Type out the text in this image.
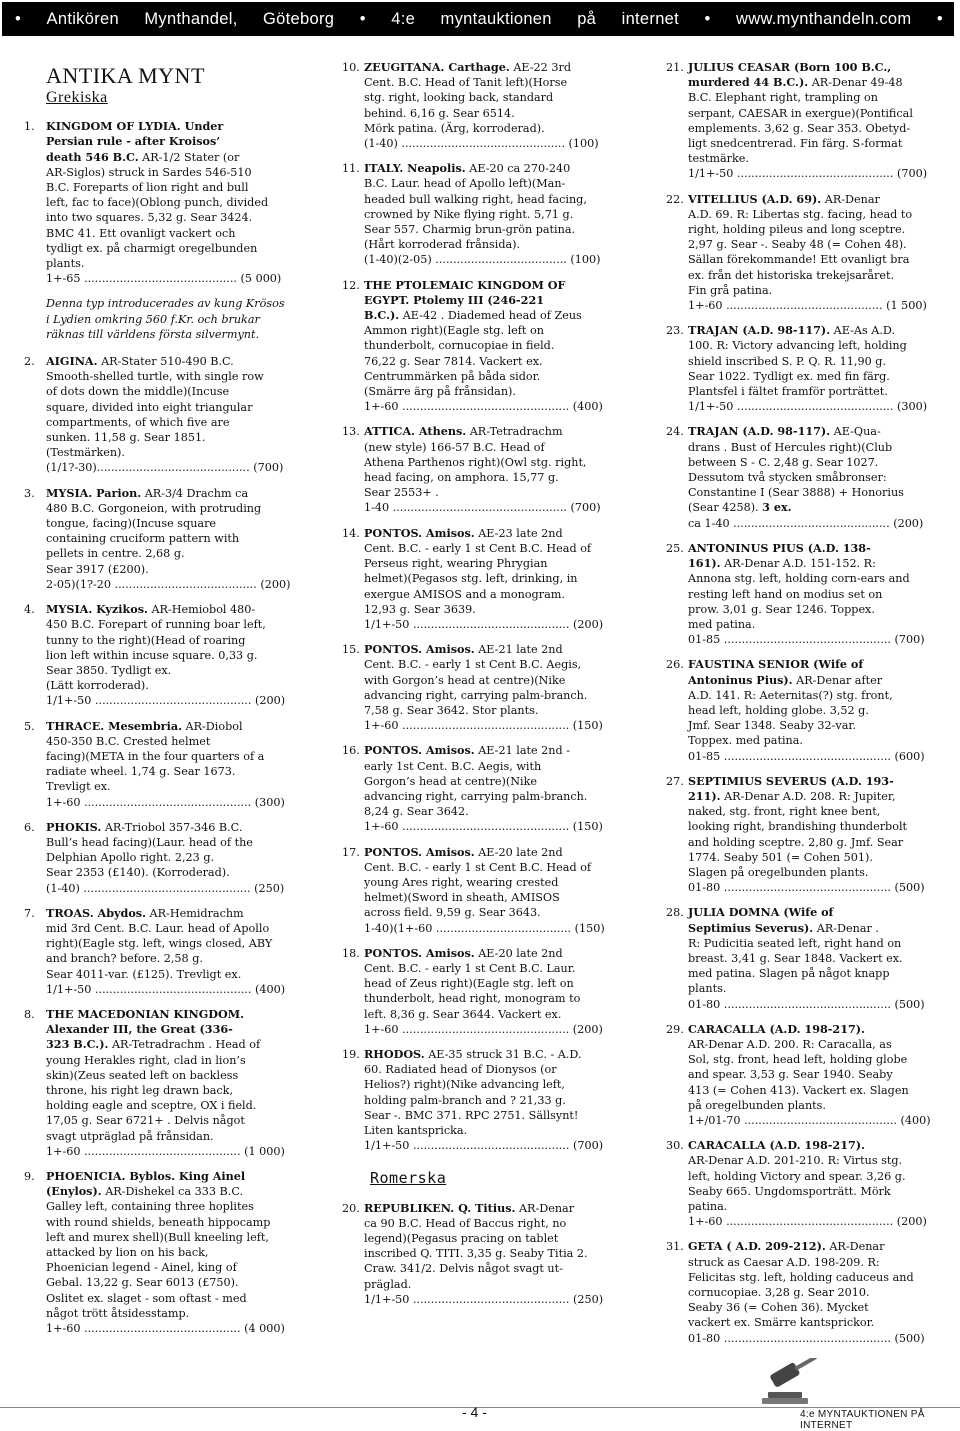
• Antikören Mynthandel, Göteborg • 4:e myntauktionen på internet • www.mynthandeln.com •
ANTIKA MYNT
Grekiska
1.	KINGDOM OF LYDIA. Under
Persian rule - after Kroisos’
death 546 B.C. AR-1/2 Stater (or
AR-Siglos) struck in Sardes 546-510
B.C. Foreparts of lion right and bull
left, fac to face)(Oblong punch, divided
into two squares. 5,32 g. Sear 3424.
BMC 41. Ett ovanligt vackert och
tydligt ex. på charmigt oregelbunden
plants.
1+-65 ........................................... (5 000)
Denna typ introducerades av kung Krösos
i Lydien omkring 560 f.Kr. och brukar
räknas till världens första silvermynt.
2.	AIGINA. AR-Stater 510-490 B.C.
Smooth-shelled turtle, with single row
of dots down the middle)(Incuse
square, divided into eight triangular
compartments, of which five are
sunken. 11,58 g. Sear 1851.
(Testmärken).
(1/1?-30)........................................... (700)
3.	MYSIA. Parion. AR-3/4 Drachm ca
480 B.C. Gorgoneion, with protruding
tongue, facing)(Incuse square
containing cruciform pattern with
pellets in centre. 2,68 g.
Sear 3917 (£200).
2-05)(1?-20 ........................................ (200)
4.	MYSIA. Kyzikos. AR-Hemiobol 480-
450 B.C. Forepart of running boar left,
tunny to the right)(Head of roaring
lion left within incuse square. 0,33 g.
Sear 3850. Tydligt ex.
(Lätt korroderad).
1/1+-50 ............................................ (200)
5.	THRACE. Mesembria. AR-Diobol
450-350 B.C. Crested helmet
facing)(META in the four quarters of a
radiate wheel. 1,74 g. Sear 1673.
Trevligt ex.
1+-60 ............................................... (300)
6.	PHOKIS. AR-Triobol 357-346 B.C.
Bull’s head facing)(Laur. head of the
Delphian Apollo right. 2,23 g.
Sear 2353 (£140). (Korroderad).
(1-40) ............................................... (250)
7.	TROAS. Abydos. AR-Hemidrachm
mid 3rd Cent. B.C. Laur. head of Apollo
right)(Eagle stg. left, wings closed, ABY
and branch? before. 2,58 g.
Sear 4011-var. (£125). Trevligt ex.
1/1+-50 ............................................ (400)
8.	THE MACEDONIAN KINGDOM.
Alexander III, the Great (336-
323 B.C.). AR-Tetradrachm . Head of
young Herakles right, clad in lion’s
skin)(Zeus seated left on backless
throne, his right leg drawn back,
holding eagle and sceptre, OX i field.
17,05 g. Sear 6721+ . Delvis något
svagt utpräglad på frånsidan.
1+-60 ............................................ (1 000)
9.	PHOENICIA. Byblos. King Ainel
(Enylos). AR-Dishekel ca 333 B.C.
Galley left, containing three hoplites
with round shields, beneath hippocamp
left and murex shell)(Bull kneeling left,
attacked by lion on his back,
Phoenician legend - Ainel, king of
Gebal. 13,22 g. Sear 6013 (£750).
Oslitet ex. slaget - som oftast - med
något trött åtsidesstamp.
1+-60 ............................................ (4 000)
10. ZEUGITANA. Carthage. AE-22 3rd
Cent. B.C. Head of Tanit left)(Horse
stg. right, looking back, standard
behind. 6,16 g. Sear 6514.
Mörk patina. (Ärg, korroderad).
(1-40) .............................................. (100)
11. ITALY. Neapolis. AE-20 ca 270-240
B.C. Laur. head of Apollo left)(Man-
headed bull walking right, head facing,
crowned by Nike flying right. 5,71 g.
Sear 557. Charmig brun-grön patina.
(Hårt korroderad frånsida).
(1-40)(2-05) ..................................... (100)
12. THE PTOLEMAIC KINGDOM OF
EGYPT. Ptolemy III (246-221
B.C.). AE-42 . Diademed head of Zeus
Ammon right)(Eagle stg. left on
thunderbolt, cornucopiae in field.
76,22 g. Sear 7814. Vackert ex.
Centrummärken på båda sidor.
(Smärre ärg på frånsidan).
1+-60 ............................................... (400)
13. ATTICA. Athens. AR-Tetradrachm
(new style) 166-57 B.C. Head of
Athena Parthenos right)(Owl stg. right,
head facing, on amphora. 15,77 g.
Sear 2553+ .
1-40 ................................................. (700)
14. PONTOS. Amisos. AE-23 late 2nd
Cent. B.C. - early 1 st Cent B.C. Head of
Perseus right, wearing Phrygian
helmet)(Pegasos stg. left, drinking, in
exergue AMISOS and a monogram.
12,93 g. Sear 3639.
1/1+-50 ............................................ (200)
15. PONTOS. Amisos. AE-21 late 2nd
Cent. B.C. - early 1 st Cent B.C. Aegis,
with Gorgon’s head at centre)(Nike
advancing right, carrying palm-branch.
7,58 g. Sear 3642. Stor plants.
1+-60 ............................................... (150)
16. PONTOS. Amisos. AE-21 late 2nd -
early 1st Cent. B.C. Aegis, with
Gorgon’s head at centre)(Nike
advancing right, carrying palm-branch.
8,24 g. Sear 3642.
1+-60 ............................................... (150)
17. PONTOS. Amisos. AE-20 late 2nd
Cent. B.C. - early 1 st Cent B.C. Head of
young Ares right, wearing crested
helmet)(Sword in sheath, AMISOS
across field. 9,59 g. Sear 3643.
1-40)(1+-60 ...................................... (150)
18. PONTOS. Amisos. AE-20 late 2nd
Cent. B.C. - early 1 st Cent B.C. Laur.
head of Zeus right)(Eagle stg. left on
thunderbolt, head right, monogram to
left. 8,36 g. Sear 3644. Vackert ex.
1+-60 ............................................... (200)
19. RHODOS. AE-35 struck 31 B.C. - A.D.
60. Radiated head of Dionysos (or
Helios?) right)(Nike advancing left,
holding palm-branch and ? 21,33 g.
Sear -. BMC 371. RPC 2751. Sällsynt!
Liten kantspricka.
1/1+-50 ............................................ (700)
Romerska
20. REPUBLIKEN. Q. Titius. AR-Denar
ca 90 B.C. Head of Baccus right, no
legend)(Pegasus pracing on tablet
inscribed Q. TITI. 3,35 g. Seaby Titia 2.
Craw. 341/2. Delvis något svagt ut-
präglad.
1/1+-50 ............................................ (250)
21. JULIUS CEASAR (Born 100 B.C.,
murdered 44 B.C.). AR-Denar 49-48
B.C. Elephant right, trampling on
serpant, CAESAR in exergue)(Pontifical
emplements. 3,62 g. Sear 353. Obetyd-
ligt snedcentrerad. Fin färg. S-format
testmärke.
1/1+-50 ............................................ (700)
22. VITELLIUS (A.D. 69). AR-Denar
A.D. 69. R: Libertas stg. facing, head to
right, holding pileus and long sceptre.
2,97 g. Sear -. Seaby 48 (= Cohen 48).
Sällan förekommande! Ett ovanligt bra
ex. från det historiska trekejsaråret.
Fin grå patina.
1+-60 ............................................ (1 500)
23. TRAJAN (A.D. 98-117). AE-As A.D.
100. R: Victory advancing left, holding
shield inscribed S. P. Q. R. 11,90 g.
Sear 1022. Tydligt ex. med fin färg.
Plantsfel i fältet framför porträttet.
1/1+-50 ............................................ (300)
24. TRAJAN (A.D. 98-117). AE-Qua-
drans . Bust of Hercules right)(Club
between S - C. 2,48 g. Sear 1027.
Dessutom två stycken småbronser:
Constantine I (Sear 3888) + Honorius
(Sear 4258). 3 ex.
ca 1-40 ............................................ (200)
25. ANTONINUS PIUS (A.D. 138-
161). AR-Denar A.D. 151-152. R:
Annona stg. left, holding corn-ears and
resting left hand on modius set on
prow. 3,01 g. Sear 1246. Toppex.
med patina.
01-85 ............................................... (700)
26. FAUSTINA SENIOR (Wife of
Antoninus Pius). AR-Denar after
A.D. 141. R: Aeternitas(?) stg. front,
head left, holding globe. 3,52 g.
Jmf. Sear 1348. Seaby 32-var.
Toppex. med patina.
01-85 ............................................... (600)
27. SEPTIMIUS SEVERUS (A.D. 193-
211). AR-Denar A.D. 208. R: Jupiter,
naked, stg. front, right knee bent,
looking right, brandishing thunderbolt
and holding sceptre. 2,80 g. Jmf. Sear
1774. Seaby 501 (= Cohen 501).
Slagen på oregelbunden plants.
01-80 ............................................... (500)
28. JULIA DOMNA (Wife of
Septimius Severus). AR-Denar .
R: Pudicitia seated left, right hand on
breast. 3,41 g. Sear 1848. Vackert ex.
med patina. Slagen på något knapp
plants.
01-80 ............................................... (500)
29. CARACALLA (A.D. 198-217).
AR-Denar A.D. 200. R: Caracalla, as
Sol, stg. front, head left, holding globe
and spear. 3,53 g. Sear 1940. Seaby
413 (= Cohen 413). Vackert ex. Slagen
på oregelbunden plants.
1+/01-70 ........................................... (400)
30. CARACALLA (A.D. 198-217).
AR-Denar A.D. 201-210. R: Virtus stg.
left, holding Victory and spear. 3,26 g.
Seaby 665. Ungdomsporträtt. Mörk
patina.
1+-60 ............................................... (200)
31. GETA ( A.D. 209-212). AR-Denar
struck as Caesar A.D. 198-209. R:
Felicitas stg. left, holding caduceus and
cornucopiae. 3,28 g. Sear 2010.
Seaby 36 (= Cohen 36). Mycket
vackert ex. Smärre kantsprickor.
01-80 ............................................... (500)
- 4 -	4:e MYNTAUKTIONEN PÅ INTERNET
